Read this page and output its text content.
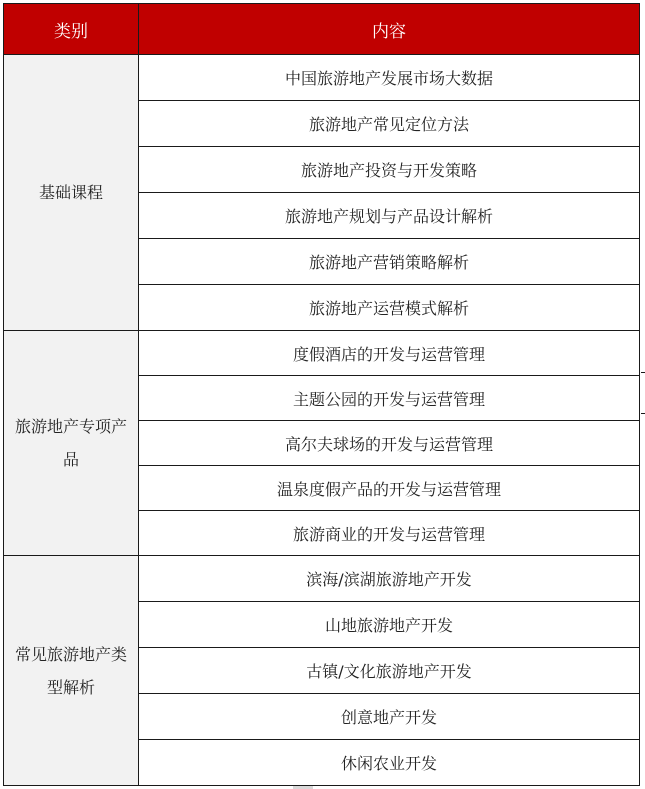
类别	内容
基础课程	中国旅游地产发展市场大数据
	旅游地产常见定位方法
	旅游地产投资与开发策略
	旅游地产规划与产品设计解析
	旅游地产营销策略解析
	旅游地产运营模式解析
旅游地产专项产品	度假酒店的开发与运营管理
	主题公园的开发与运营管理
	高尔夫球场的开发与运营管理
	温泉度假产品的开发与运营管理
	旅游商业的开发与运营管理
常见旅游地产类型解析	滨海/滨湖旅游地产开发
	山地旅游地产开发
	古镇/文化旅游地产开发
	创意地产开发
	休闲农业开发
